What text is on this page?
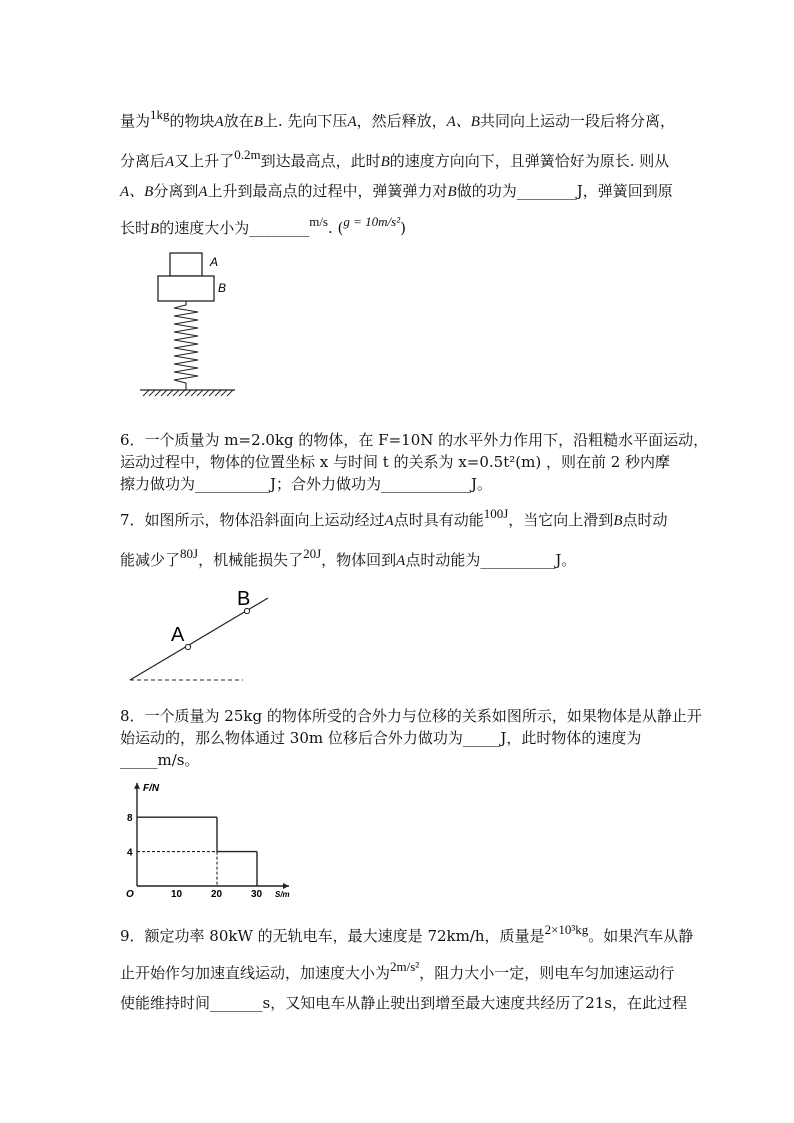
量为1kg的物块A放在B上. 先向下压A，然后释放，A、B共同向上运动一段后将分离，
分离后A又上升了0.2m到达最高点，此时B的速度方向向下，且弹簧恰好为原长. 则从
A、B分离到A上升到最高点的过程中，弹簧弹力对B做的功为________J，弹簧回到原
长时B的速度大小为________m/s. (g = 10m/s²)
A
B
6．一个质量为 m=2.0kg 的物体，在 F=10N 的水平外力作用下，沿粗糙水平面运动，
运动过程中，物体的位置坐标 x 与时间 t 的关系为 x=0.5t²(m) ，则在前 2 秒内摩
擦力做功为__________J；合外力做功为____________J。
7．如图所示，物体沿斜面向上运动经过A点时具有动能100J，当它向上滑到B点时动
能减少了80J，机械能损失了20J，物体回到A点时动能为__________J。
A
B
8．一个质量为 25kg 的物体所受的合外力与位移的关系如图所示，如果物体是从静止开
始运动的，那么物体通过 30m 位移后合外力做功为_____J，此时物体的速度为
_____m/s。
10	20	30
4
8
O
F/N
S/m
9．额定功率 80kW 的无轨电车，最大速度是 72km/h，质量是2×10³kg。如果汽车从静
止开始作匀加速直线运动，加速度大小为2m/s²，阻力大小一定，则电车匀加速运动行
使能维持时间_______s，又知电车从静止驶出到增至最大速度共经历了21s，在此过程
